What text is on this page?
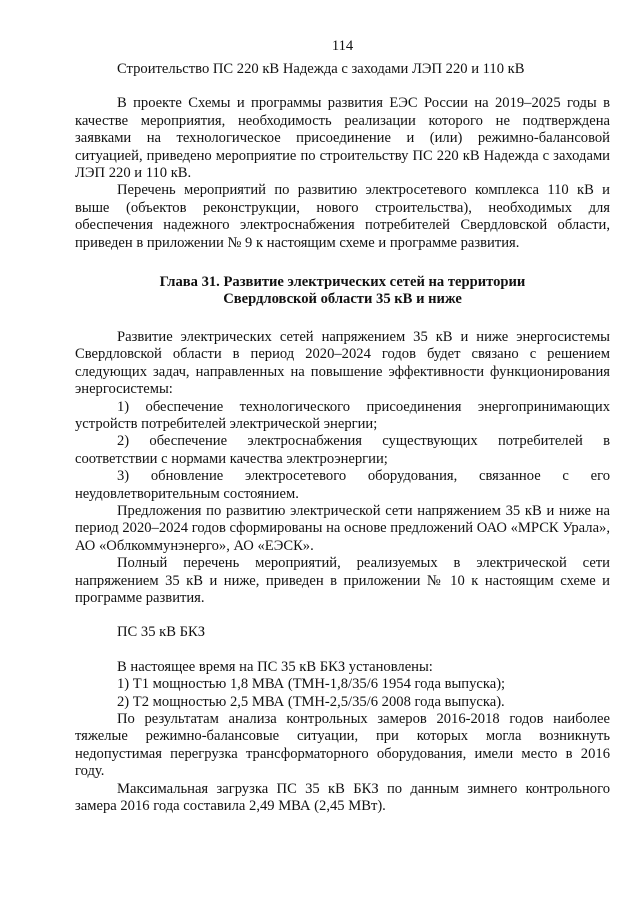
114

Строительство ПС 220 кВ Надежда с заходами ЛЭП 220 и 110 кВ

В проекте Схемы и программы развития ЕЭС России на 2019–2025 годы в качестве мероприятия, необходимость реализации которого не подтверждена заявками на технологическое присоединение и (или) режимно-балансовой ситуацией, приведено мероприятие по строительству ПС 220 кВ Надежда с заходами ЛЭП 220 и 110 кВ.

Перечень мероприятий по развитию электросетевого комплекса 110 кВ и выше (объектов реконструкции, нового строительства), необходимых для обеспечения надежного электроснабжения потребителей Свердловской области, приведен в приложении № 9 к настоящим схеме и программе развития.

Глава 31. Развитие электрических сетей на территории

Свердловской области 35 кВ и ниже

Развитие электрических сетей напряжением 35 кВ и ниже энергосистемы Свердловской области в период 2020–2024 годов будет связано с решением следующих задач, направленных на повышение эффективности функционирования энергосистемы:

1) обеспечение технологического присоединения энергопринимающих устройств потребителей электрической энергии;

2) обеспечение электроснабжения существующих потребителей в соответствии с нормами качества электроэнергии;

3) обновление электросетевого оборудования, связанное с его неудовлетворительным состоянием.

Предложения по развитию электрической сети напряжением 35 кВ и ниже на период 2020–2024 годов сформированы на основе предложений ОАО «МРСК Урала», АО «Облкоммунэнерго», АО «ЕЭСК».

Полный перечень мероприятий, реализуемых в электрической сети напряжением 35 кВ и ниже, приведен в приложении № 10 к настоящим схеме и программе развития.

ПС 35 кВ БКЗ

В настоящее время на ПС 35 кВ БКЗ установлены:

1) Т1 мощностью 1,8 МВА (ТМН-1,8/35/6 1954 года выпуска);

2) Т2 мощностью 2,5 МВА (ТМН-2,5/35/6 2008 года выпуска).

По результатам анализа контрольных замеров 2016-2018 годов наиболее тяжелые режимно-балансовые ситуации, при которых могла возникнуть недопустимая перегрузка трансформаторного оборудования, имели место в 2016 году.

Максимальная загрузка ПС 35 кВ БКЗ по данным зимнего контрольного замера 2016 года составила 2,49 МВА (2,45 МВт).
